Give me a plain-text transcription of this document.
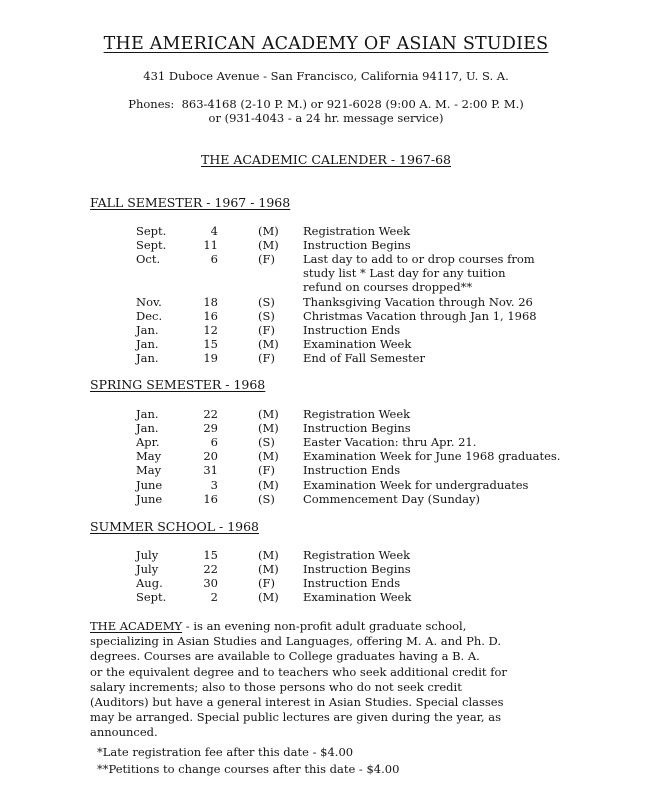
THE AMERICAN ACADEMY OF ASIAN STUDIES
431 Duboce Avenue - San Francisco, California 94117, U. S. A.
Phones:  863-4168 (2-10 P. M.) or 921-6028 (9:00 A. M. - 2:00 P. M.)
or (931-4043 - a 24 hr. message service)
THE ACADEMIC CALENDER - 1967-68
FALL SEMESTER - 1967 - 1968
Sept.	4	(M) Registration Week
Sept.	11	(M) Instruction Begins
Oct.	6	(F) Last day to add to or drop courses from
study list * Last day for any tuition
refund on courses dropped**
Nov.	18	(S) Thanksgiving Vacation through Nov. 26
Dec.	16	(S) Christmas Vacation through Jan 1, 1968
Jan.	12	(F) Instruction Ends
Jan.	15	(M) Examination Week
Jan.	19	(F) End of Fall Semester
SPRING SEMESTER - 1968
Jan.	22	(M) Registration Week
Jan.	29	(M) Instruction Begins
Apr.	6	(S) Easter Vacation: thru Apr. 21.
May	20	(M) Examination Week for June 1968 graduates.
May	31	(F) Instruction Ends
June	3	(M) Examination Week for undergraduates
June	16	(S) Commencement Day (Sunday)
SUMMER SCHOOL - 1968
July	15	(M) Registration Week
July	22	(M) Instruction Begins
Aug.	30	(F) Instruction Ends
Sept.	2	(M) Examination Week
THE ACADEMY - is an evening non-profit adult graduate school,
specializing in Asian Studies and Languages, offering M. A. and Ph. D.
degrees. Courses are available to College graduates having a B. A.
or the equivalent degree and to teachers who seek additional credit for
salary increments; also to those persons who do not seek credit
(Auditors) but have a general interest in Asian Studies. Special classes
may be arranged. Special public lectures are given during the year, as
announced.
*Late registration fee after this date - $4.00
**Petitions to change courses after this date - $4.00
